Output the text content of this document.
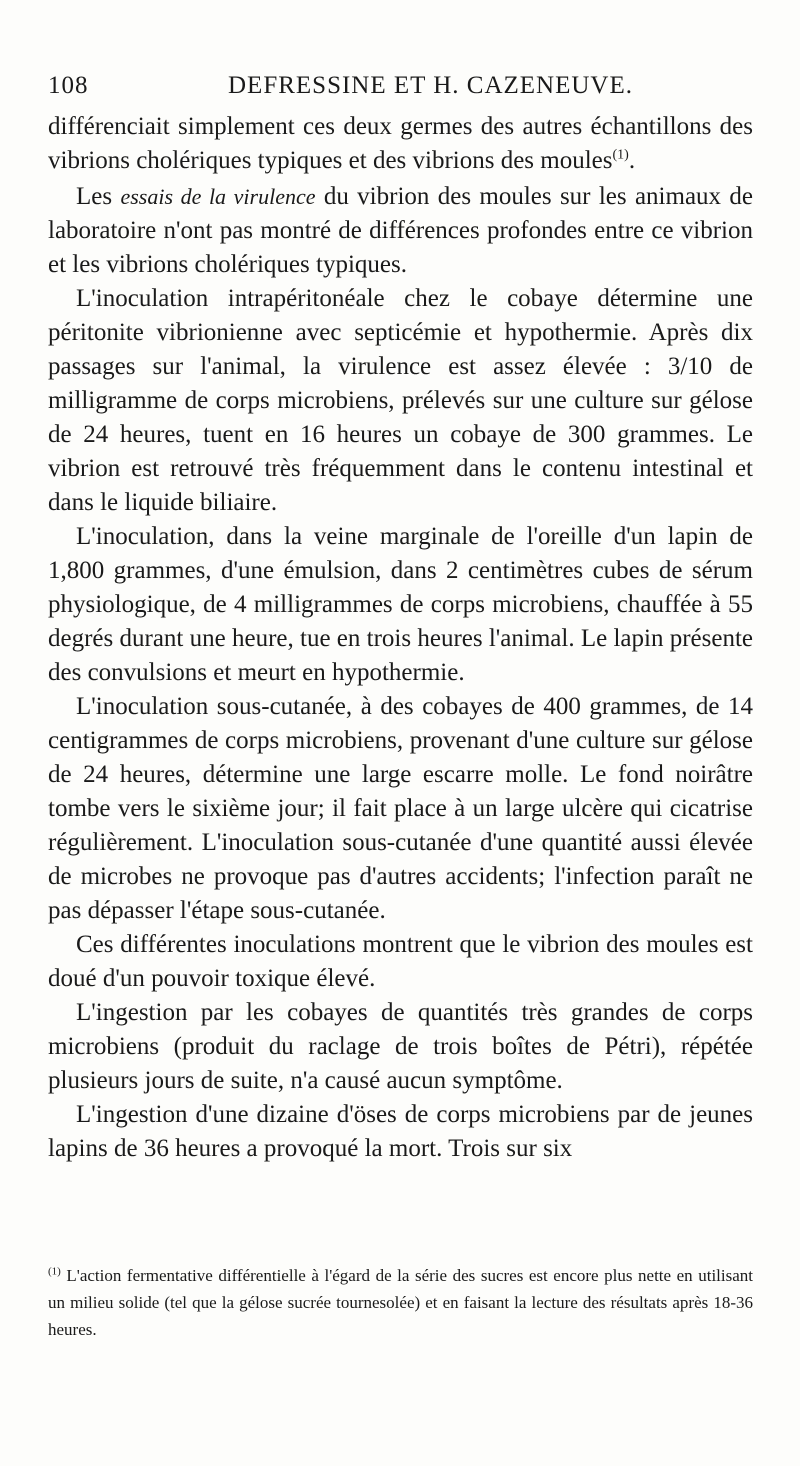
108	DEFRESSINE ET H. CAZENEUVE.

différenciait simplement ces deux germes des autres échantillons des vibrions cholériques typiques et des vibrions des moules$^{(1)}$.

Les essais de la virulence du vibrion des moules sur les animaux de laboratoire n'ont pas montré de différences profondes entre ce vibrion et les vibrions cholériques typiques.

L'inoculation intrapéritonéale chez le cobaye détermine une péritonite vibrionienne avec septicémie et hypothermie. Après dix passages sur l'animal, la virulence est assez élevée : 3/10 de milligramme de corps microbiens, prélevés sur une culture sur gélose de 24 heures, tuent en 16 heures un cobaye de 300 grammes. Le vibrion est retrouvé très fréquemment dans le contenu intestinal et dans le liquide biliaire.

L'inoculation, dans la veine marginale de l'oreille d'un lapin de 1,800 grammes, d'une émulsion, dans 2 centimètres cubes de sérum physiologique, de 4 milligrammes de corps microbiens, chauffée à 55 degrés durant une heure, tue en trois heures l'animal. Le lapin présente des convulsions et meurt en hypothermie.

L'inoculation sous-cutanée, à des cobayes de 400 grammes, de 14 centigrammes de corps microbiens, provenant d'une culture sur gélose de 24 heures, détermine une large escarre molle. Le fond noirâtre tombe vers le sixième jour; il fait place à un large ulcère qui cicatrise régulièrement. L'inoculation sous-cutanée d'une quantité aussi élevée de microbes ne provoque pas d'autres accidents; l'infection paraît ne pas dépasser l'étape sous-cutanée.

Ces différentes inoculations montrent que le vibrion des moules est doué d'un pouvoir toxique élevé.

L'ingestion par les cobayes de quantités très grandes de corps microbiens (produit du raclage de trois boîtes de Pétri), répétée plusieurs jours de suite, n'a causé aucun symptôme.

L'ingestion d'une dizaine d'öses de corps microbiens par de jeunes lapins de 36 heures a provoqué la mort. Trois sur six

$^{(1)}$ L'action fermentative différentielle à l'égard de la série des sucres est encore plus nette en utilisant un milieu solide (tel que la gélose sucrée tournesolée) et en faisant la lecture des résultats après 18-36 heures.
